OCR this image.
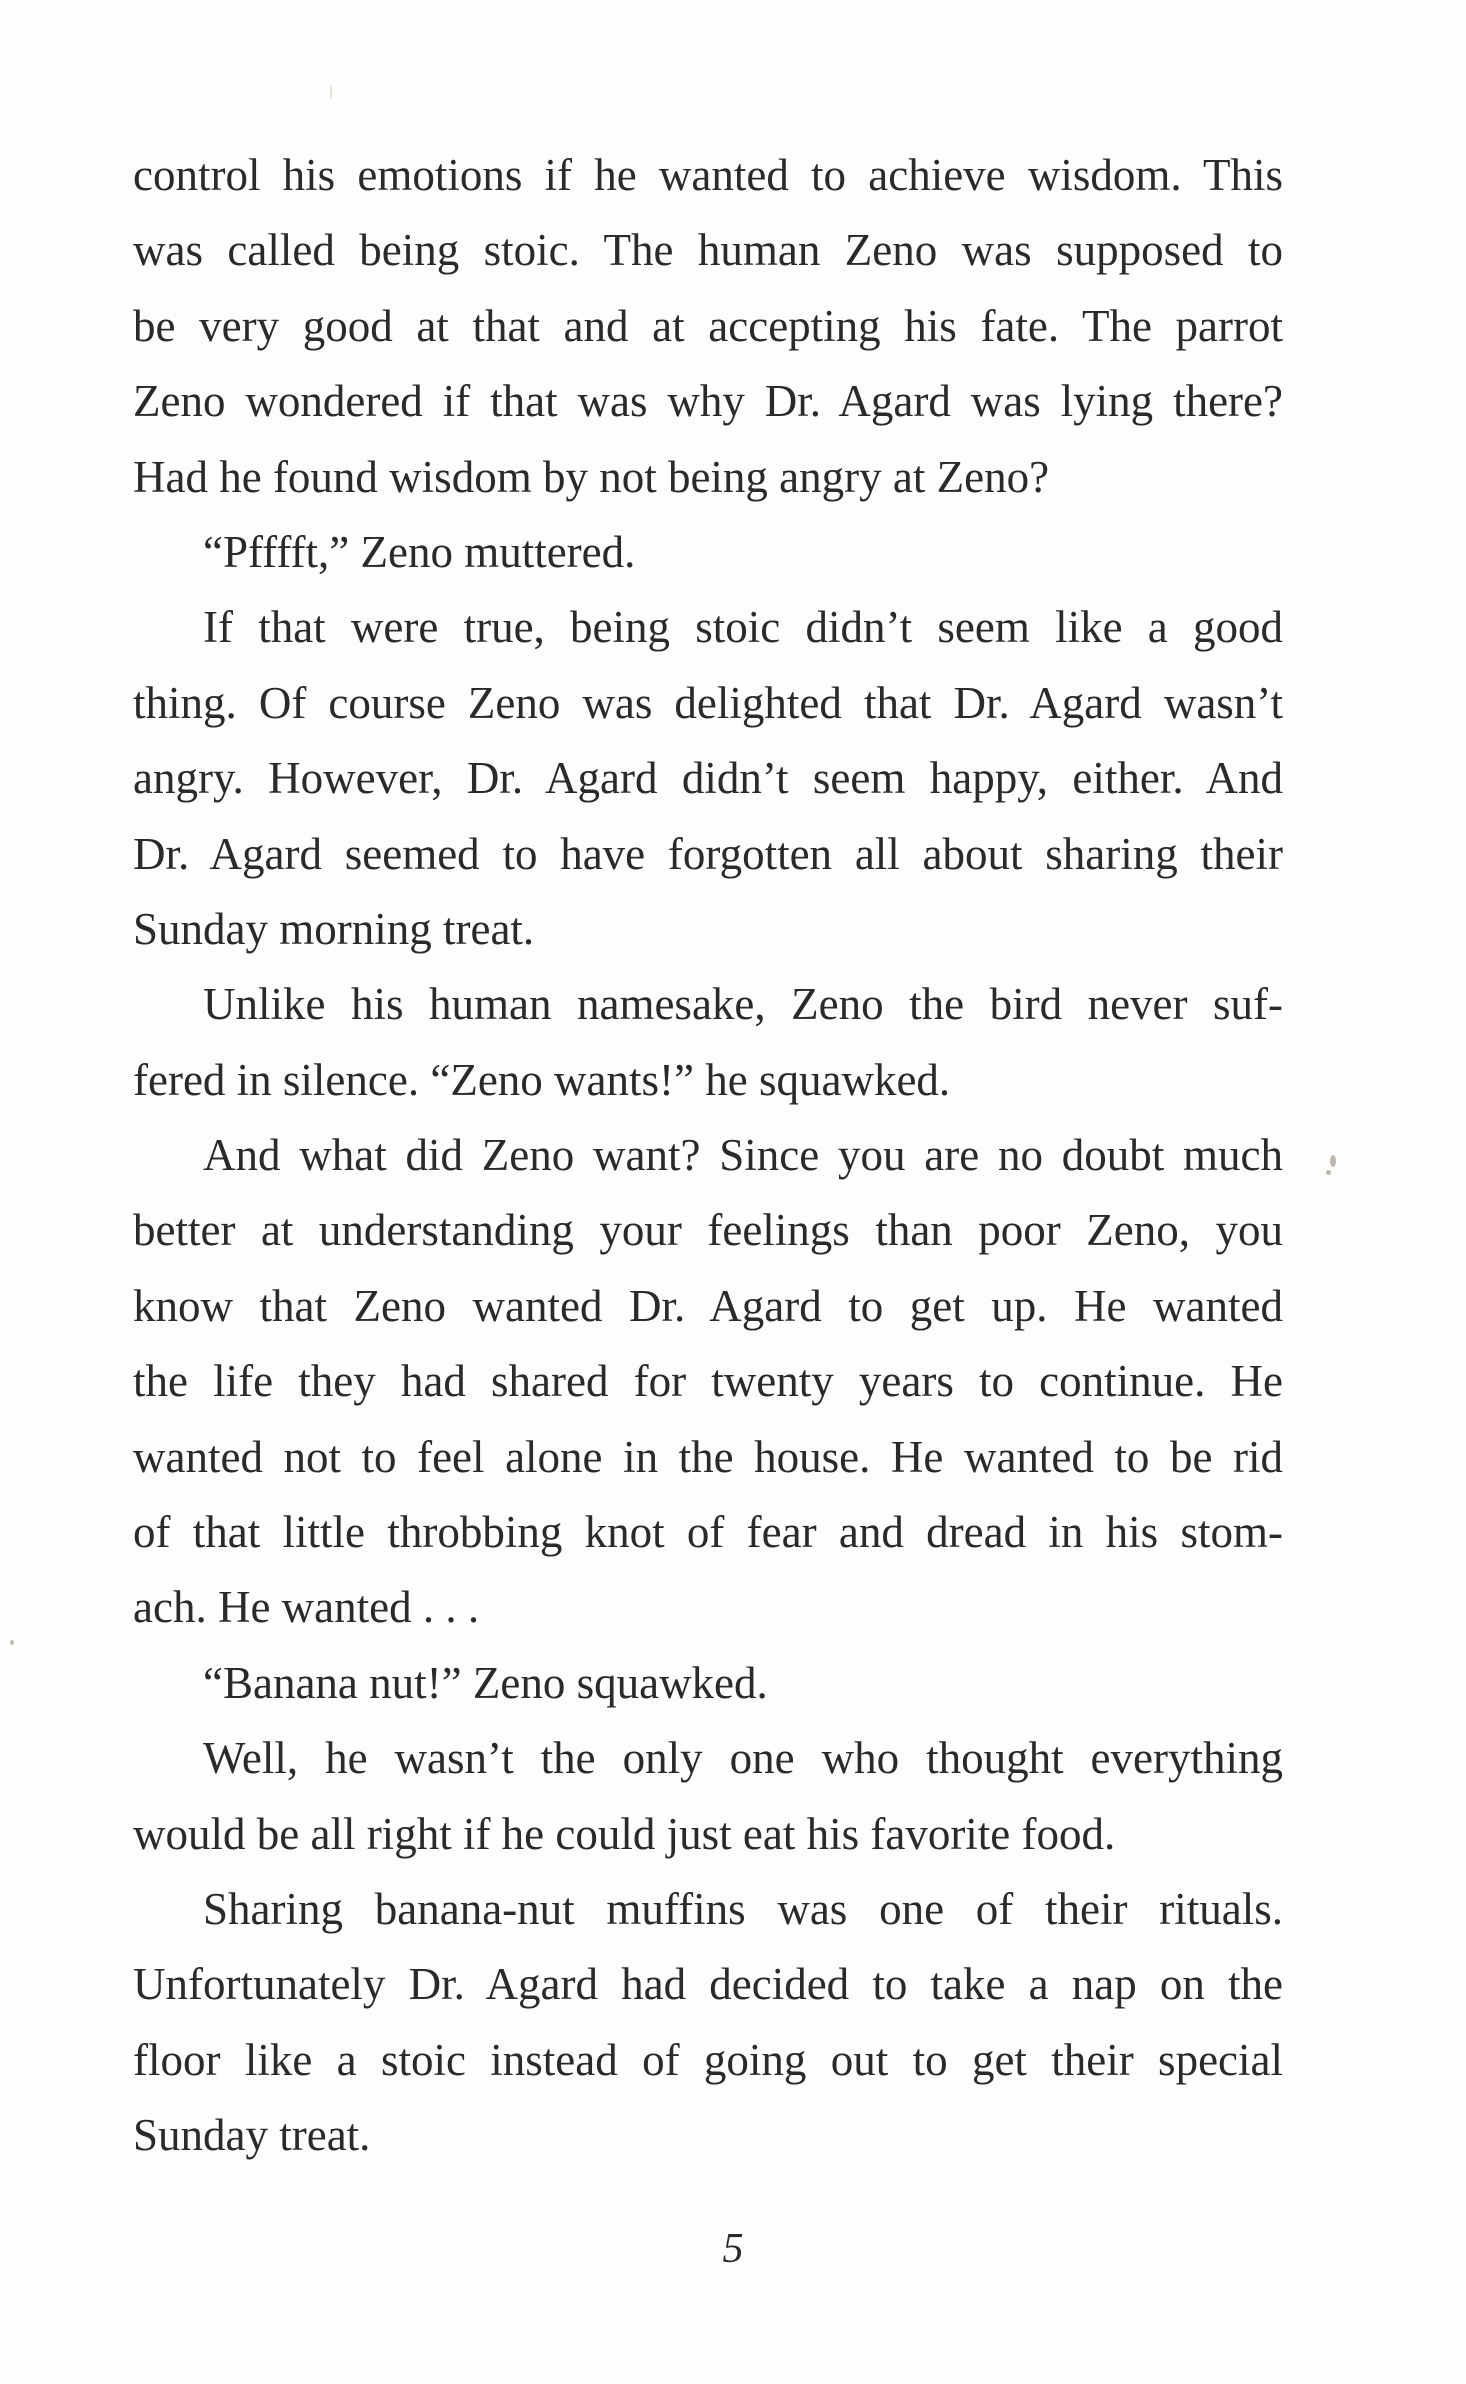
control his emotions if he wanted to achieve wisdom. This
was called being stoic. The human Zeno was supposed to
be very good at that and at accepting his fate. The parrot
Zeno wondered if that was why Dr. Agard was lying there?
Had he found wisdom by not being angry at Zeno?
“Pfffft,” Zeno muttered.
If that were true, being stoic didn’t seem like a good
thing. Of course Zeno was delighted that Dr. Agard wasn’t
angry. However, Dr. Agard didn’t seem happy, either. And
Dr. Agard seemed to have forgotten all about sharing their
Sunday morning treat.
Unlike his human namesake, Zeno the bird never suf-
fered in silence. “Zeno wants!” he squawked.
And what did Zeno want? Since you are no doubt much
better at understanding your feelings than poor Zeno, you
know that Zeno wanted Dr. Agard to get up. He wanted
the life they had shared for twenty years to continue. He
wanted not to feel alone in the house. He wanted to be rid
of that little throbbing knot of fear and dread in his stom-
ach. He wanted . . .
“Banana nut!” Zeno squawked.
Well, he wasn’t the only one who thought everything
would be all right if he could just eat his favorite food.
Sharing banana-nut muffins was one of their rituals.
Unfortunately Dr. Agard had decided to take a nap on the
floor like a stoic instead of going out to get their special
Sunday treat.
5
